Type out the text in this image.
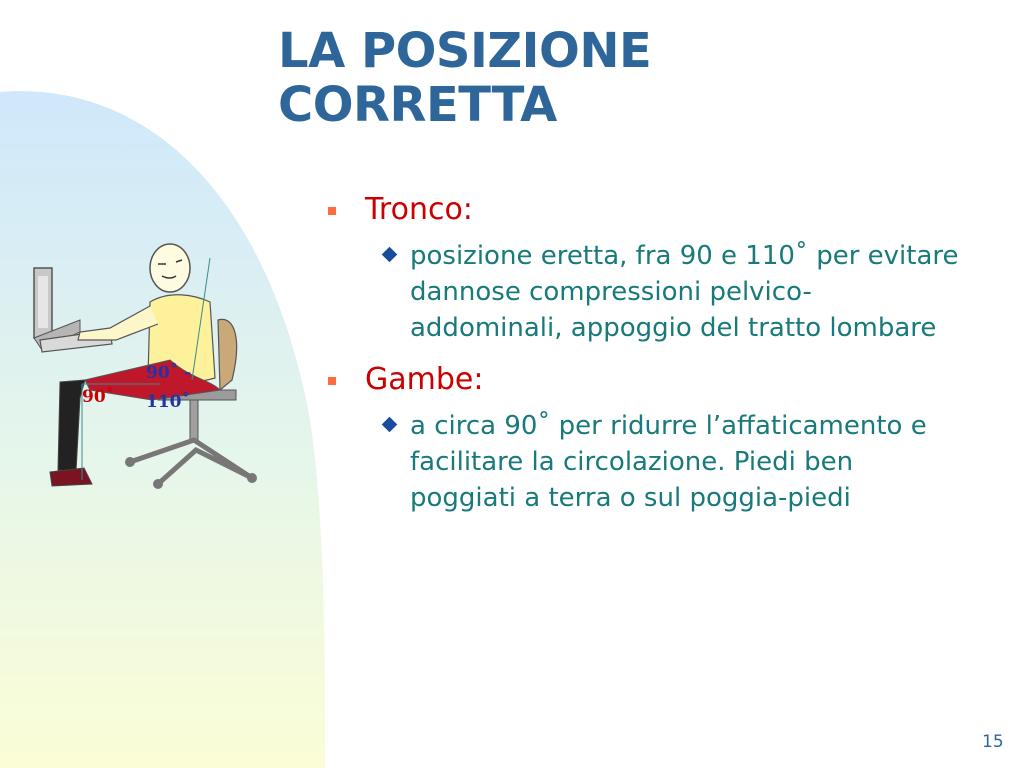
LA POSIZIONE
CORRETTA
90˚
90˚ -
110˚

Tronco:

posizione eretta, fra 90 e 110˚ per evitare dannose compressioni pelvico-addominali, appoggio del tratto lombare

Gambe:

a circa 90˚ per ridurre l’affaticamento e facilitare la circolazione. Piedi ben poggiati a terra o sul poggia-piedi

15
